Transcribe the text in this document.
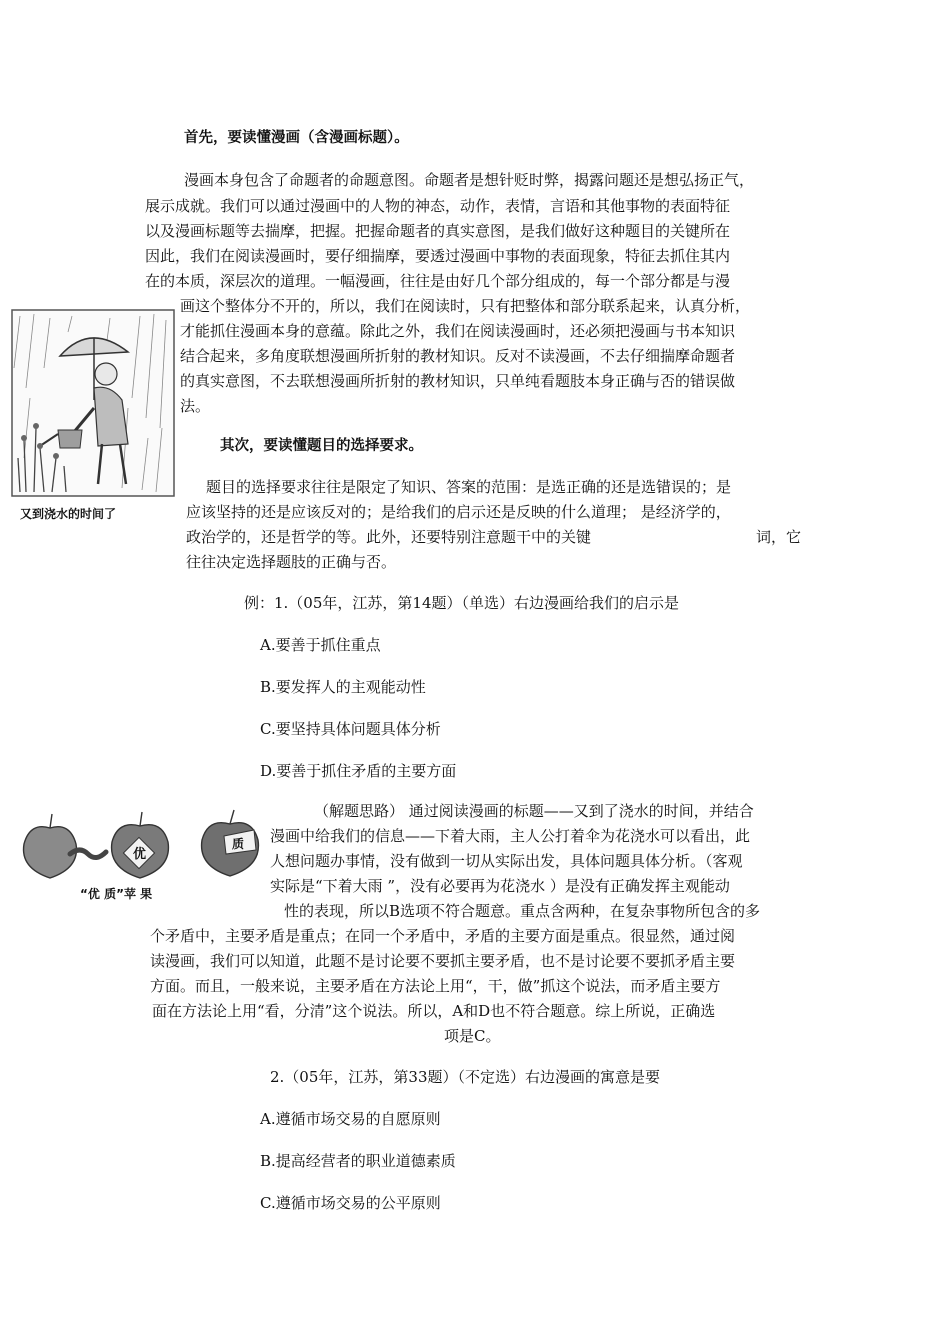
首先，要读懂漫画（含漫画标题）。
漫画本身包含了命题者的命题意图。命题者是想针贬时弊，揭露问题还是想弘扬正气，
展示成就。我们可以通过漫画中的人物的神态，动作，表情，言语和其他事物的表面特征
以及漫画标题等去揣摩，把握。把握命题者的真实意图，是我们做好这种题目的关键所在
因此，我们在阅读漫画时，要仔细揣摩，要透过漫画中事物的表面现象，特征去抓住其内
在的本质，深层次的道理。一幅漫画，往往是由好几个部分组成的，每一个部分都是与漫
画这个整体分不开的，所以，我们在阅读时，只有把整体和部分联系起来，认真分析，
才能抓住漫画本身的意蕴。除此之外，我们在阅读漫画时，还必须把漫画与书本知识
结合起来，多角度联想漫画所折射的教材知识。反对不读漫画，不去仔细揣摩命题者
的真实意图，不去联想漫画所折射的教材知识，只单纯看题肢本身正确与否的错误做
法。
又到浇水的时间了
其次，要读懂题目的选择要求。
题目的选择要求往往是限定了知识、答案的范围：是选正确的还是选错误的；是
应该坚持的还是应该反对的；是给我们的启示还是反映的什么道理； 是经济学的，
政治学的，还是哲学的等。此外，还要特别注意题干中的关键	词，它
往往决定选择题肢的正确与否。
例：1.（05年，江苏，第14题）（单选）右边漫画给我们的启示是
A.要善于抓住重点
B.要发挥人的主观能动性
C.要坚持具体问题具体分析
D.要善于抓住矛盾的主要方面
优
质
“优 质”苹 果
（解题思路） 通过阅读漫画的标题——又到了浇水的时间，并结合
漫画中给我们的信息——下着大雨，主人公打着伞为花浇水可以看出，此
人想问题办事情，没有做到一切从实际出发，具体问题具体分析。（客观
实际是“下着大雨 ”，没有必要再为花浇水 ）是没有正确发挥主观能动
性的表现，所以B选项不符合题意。重点含两种，在复杂事物所包含的多
个矛盾中，主要矛盾是重点；在同一个矛盾中，矛盾的主要方面是重点。很显然，通过阅
读漫画，我们可以知道，此题不是讨论要不要抓主要矛盾，也不是讨论要不要抓矛盾主要
方面。而且，一般来说，主要矛盾在方法论上用“，干，做”抓这个说法，而矛盾主要方
面在方法论上用“看，分清”这个说法。所以，A和D也不符合题意。综上所说，正确选
项是C。
2.（05年，江苏，第33题）（不定选）右边漫画的寓意是要
A.遵循市场交易的自愿原则
B.提高经营者的职业道德素质
C.遵循市场交易的公平原则
